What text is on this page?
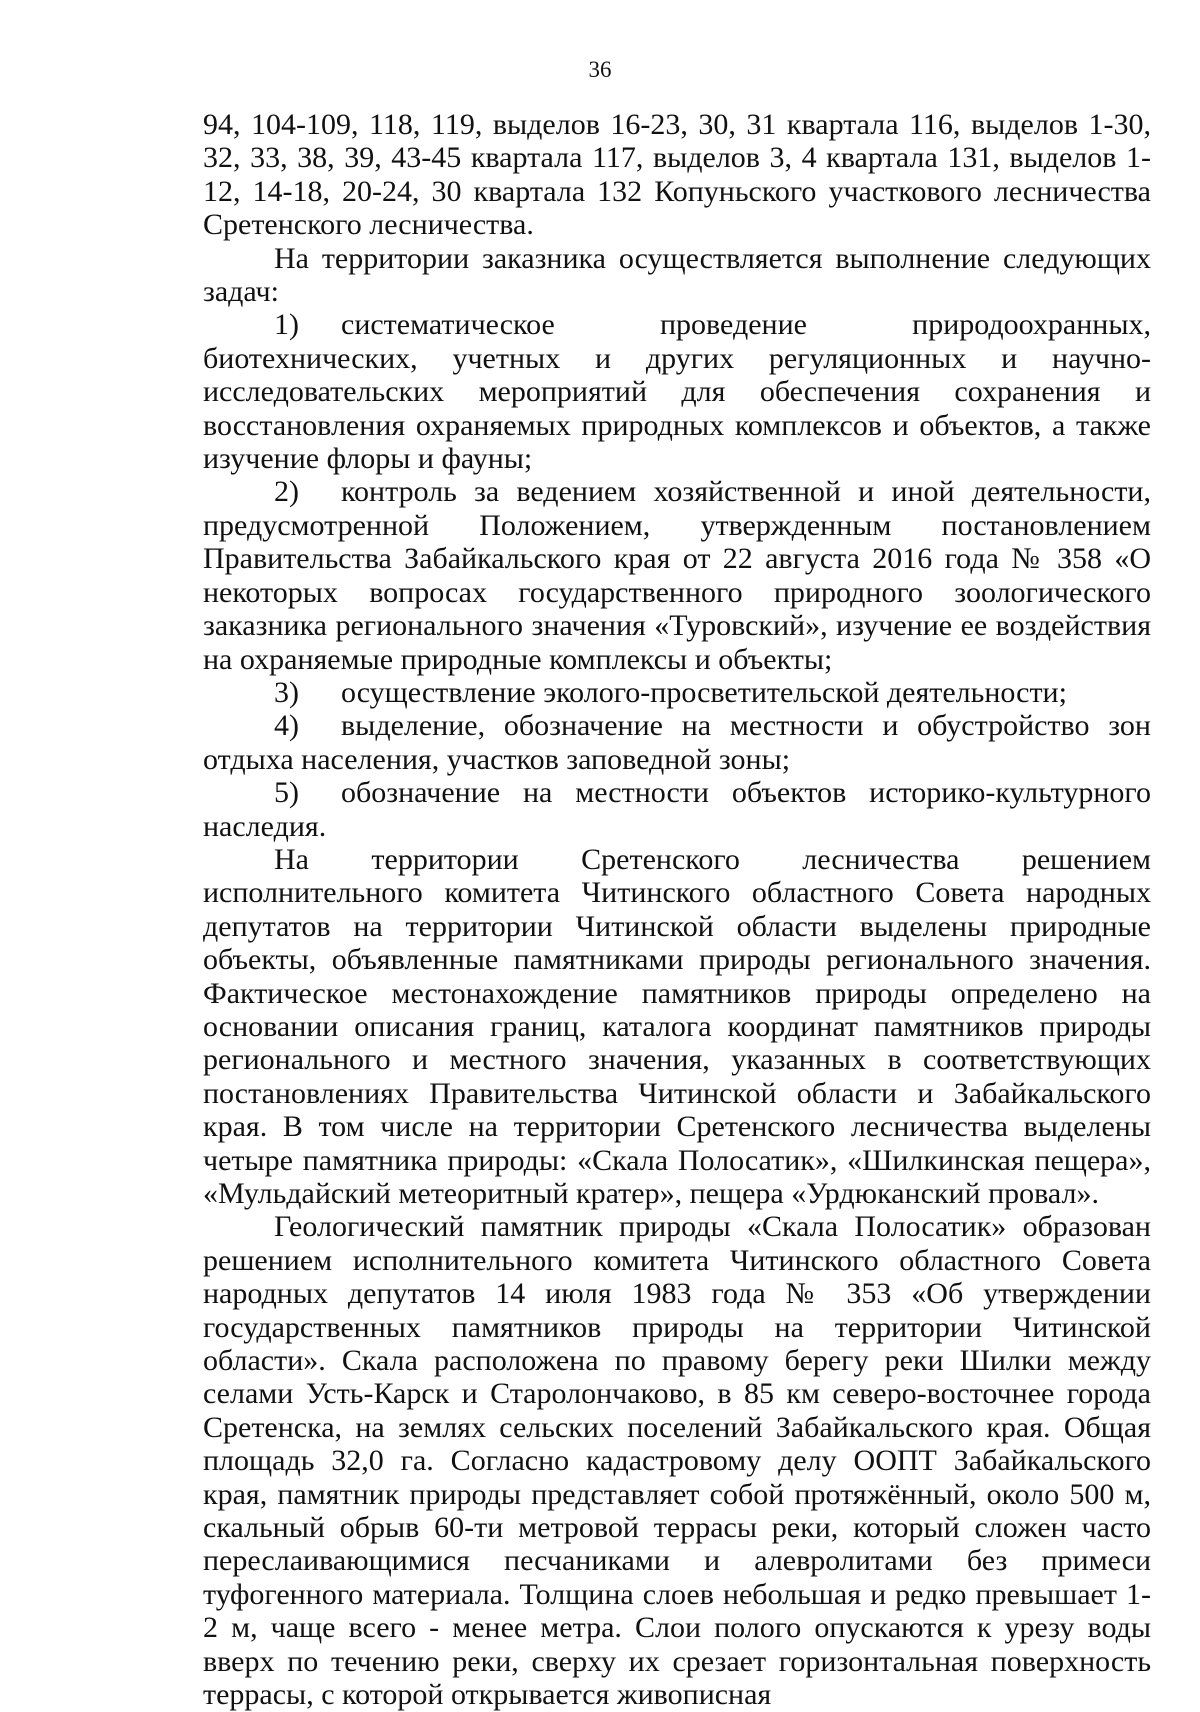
36

94, 104-109, 118, 119, выделов 16-23, 30, 31 квартала 116, выделов 1-30, 32, 33, 38, 39, 43-45 квартала 117, выделов 3, 4 квартала 131, выделов 1-12, 14-18, 20-24, 30 квартала 132 Копуньского участкового лесничества Сретенского лесничества.

На территории заказника осуществляется выполнение следующих задач:

1) систематическое проведение природоохранных, биотехнических, учетных и других регуляционных и научно-исследовательских мероприятий для обеспечения сохранения и восстановления охраняемых природных комплексов и объектов, а также изучение флоры и фауны;

2) контроль за ведением хозяйственной и иной деятельности, предусмотренной Положением, утвержденным постановлением Правительства Забайкальского края от 22 августа 2016 года № 358 «О некоторых вопросах государственного природного зоологического заказника регионального значения «Туровский», изучение ее воздействия на охраняемые природные комплексы и объекты;

3) осуществление эколого-просветительской деятельности;

4) выделение, обозначение на местности и обустройство зон отдыха населения, участков заповедной зоны;

5) обозначение на местности объектов историко-культурного наследия.

На территории Сретенского лесничества решением исполнительного комитета Читинского областного Совета народных депутатов на территории Читинской области выделены природные объекты, объявленные памятниками природы регионального значения. Фактическое местонахождение памятников природы определено на основании описания границ, каталога координат памятников природы регионального и местного значения, указанных в соответствующих постановлениях Правительства Читинской области и Забайкальского края. В том числе на территории Сретенского лесничества выделены четыре памятника природы: «Скала Полосатик», «Шилкинская пещера», «Мульдайский метеоритный кратер», пещера «Урдюканский провал».

Геологический памятник природы «Скала Полосатик» образован решением исполнительного комитета Читинского областного Совета народных депутатов 14 июля 1983 года № 353 «Об утверждении государственных памятников природы на территории Читинской области». Скала расположена по правому берегу реки Шилки между селами Усть-Карск и Старолончаково, в 85 км северо-восточнее города Сретенска, на землях сельских поселений Забайкальского края. Общая площадь 32,0 га. Согласно кадастровому делу ООПТ Забайкальского края, памятник природы представляет собой протяжённый, около 500 м, скальный обрыв 60-ти метровой террасы реки, который сложен часто переслаивающимися песчаниками и алевролитами без примеси туфогенного материала. Толщина слоев небольшая и редко превышает 1-2 м, чаще всего - менее метра. Слои полого опускаются к урезу воды вверх по течению реки, сверху их срезает горизонтальная поверхность террасы, с которой открывается живописная
